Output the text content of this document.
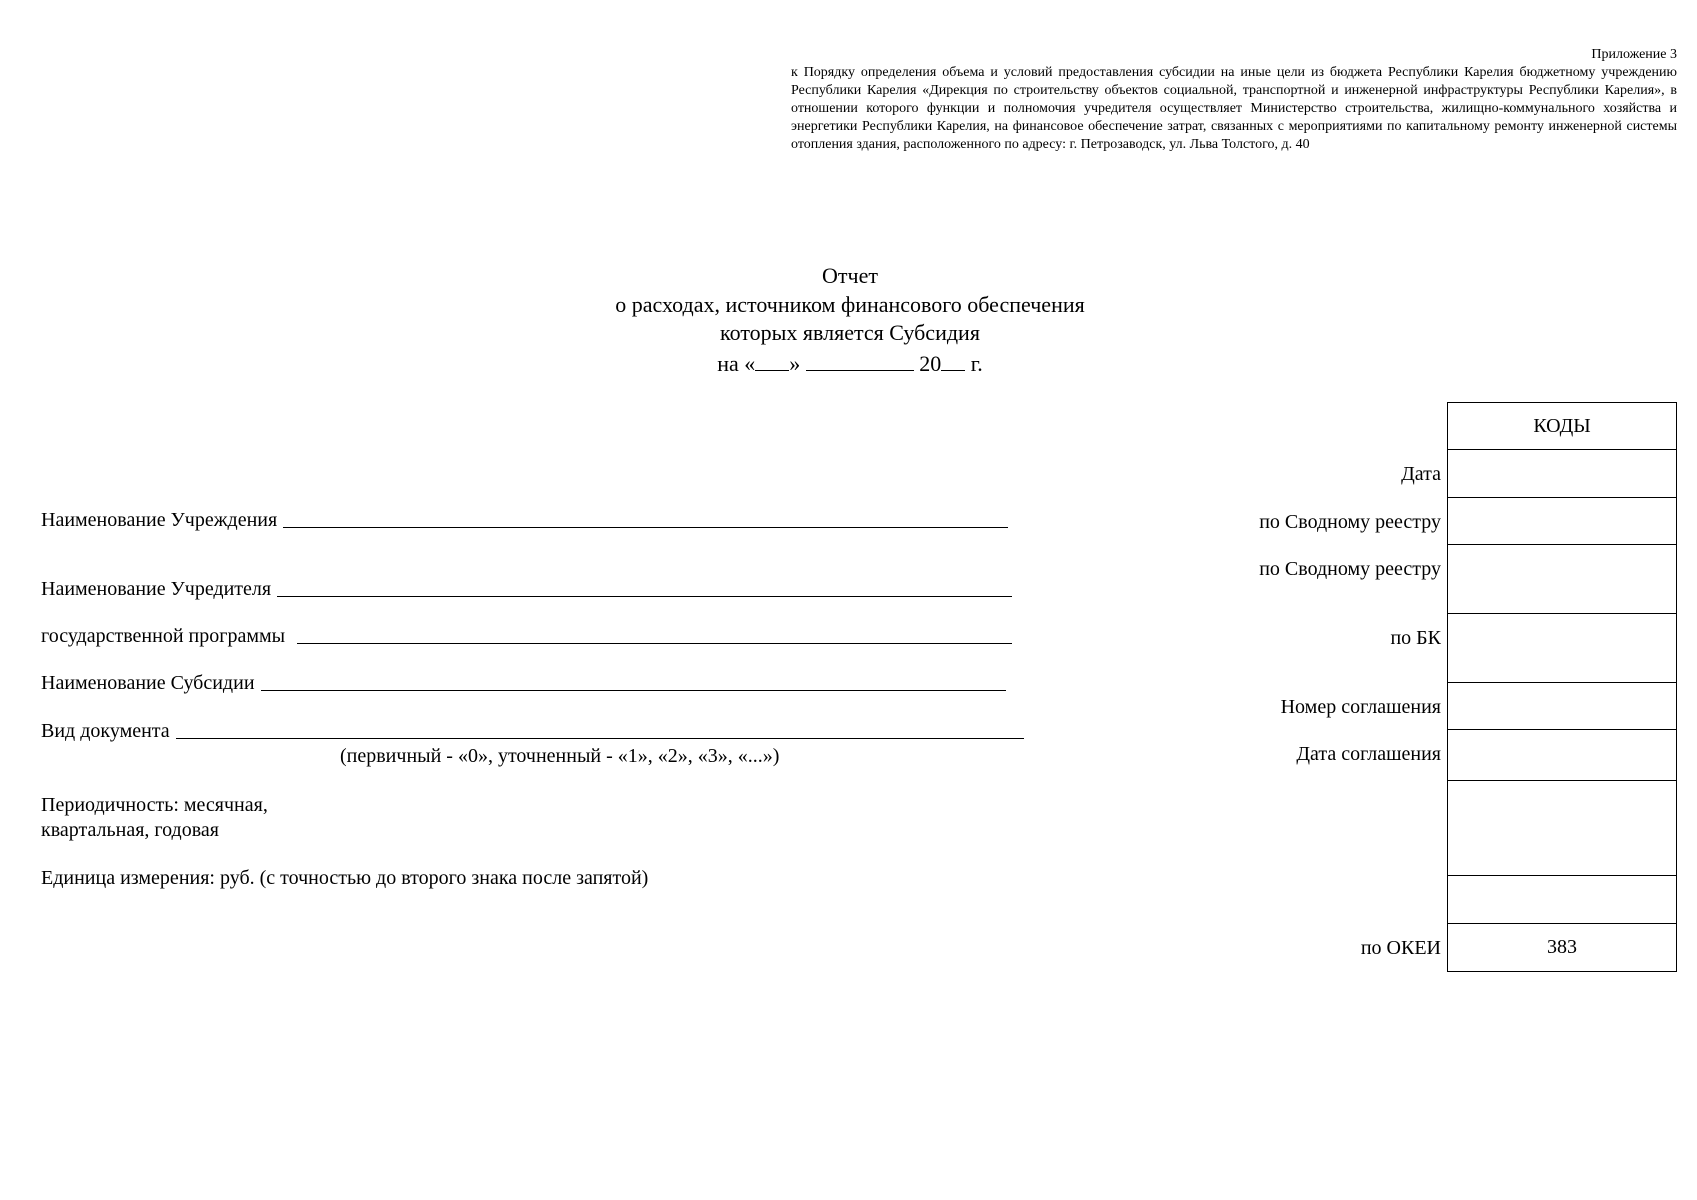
Приложение 3
к Порядку определения объема и условий предоставления субсидии на иные цели из бюджета Республики Карелия бюджетному учреждению Республики Карелия «Дирекция по строительству объектов социальной, транспортной и инженерной инфраструктуры Республики Карелия», в отношении которого функции и полномочия учредителя осуществляет Министерство строительства, жилищно-коммунального хозяйства и энергетики Республики Карелия, на финансовое обеспечение затрат, связанных с мероприятиями по капитальному ремонту инженерной системы отопления здания, расположенного по адресу: г. Петрозаводск, ул. Льва Толстого, д. 40
Отчет
о расходах, источником финансового обеспечения
которых является Субсидия
на « »	20 г.
Наименование Учреждения
Наименование Учредителя
государственной программы
Наименование Субсидии
Вид документа
(первичный - «0», уточненный - «1», «2», «3», «...»)
Периодичность: месячная,
квартальная, годовая
Единица измерения: руб. (с точностью до второго знака после запятой)
Дата
по Сводному реестру
по Сводному реестру
по БК
Номер соглашения
Дата соглашения
по ОКЕИ
КОДЫ
383
